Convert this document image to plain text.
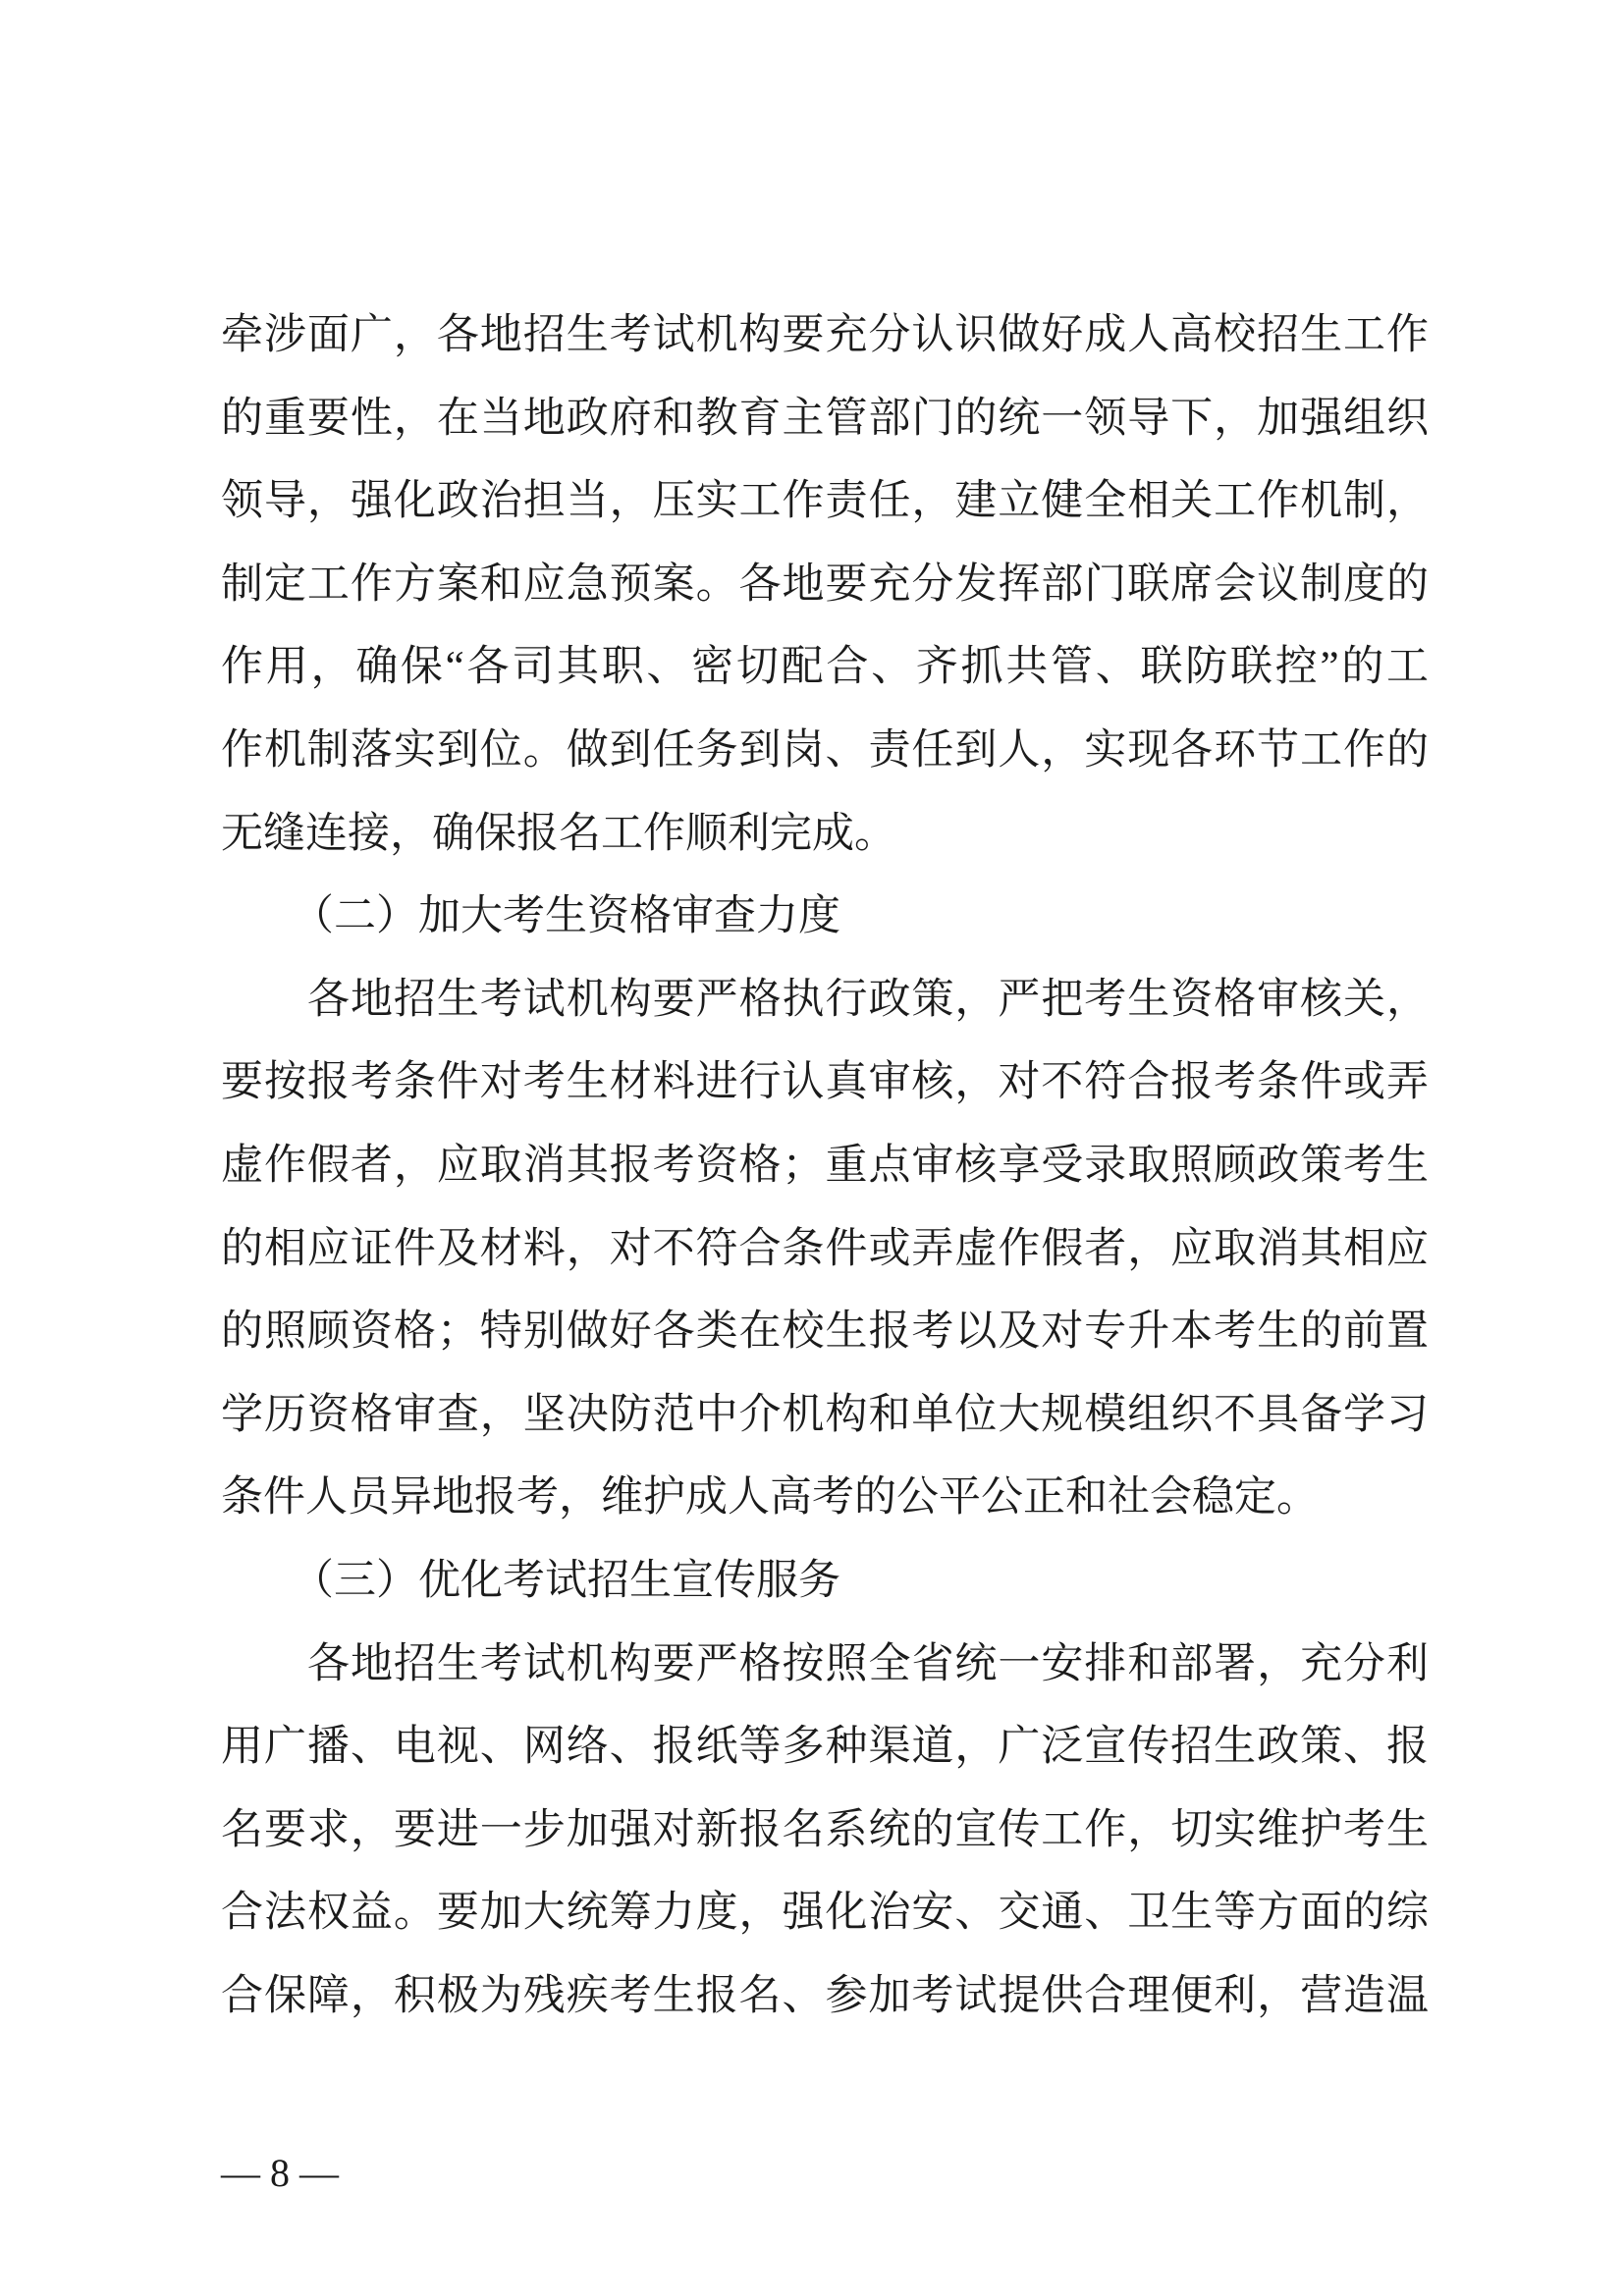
牵涉面广，各地招生考试机构要充分认识做好成人高校招生工作
的重要性，在当地政府和教育主管部门的统一领导下，加强组织
领导，强化政治担当，压实工作责任，建立健全相关工作机制，
制定工作方案和应急预案。各地要充分发挥部门联席会议制度的
作用，确保“各司其职、密切配合、齐抓共管、联防联控”的工
作机制落实到位。做到任务到岗、责任到人，实现各环节工作的
无缝连接，确保报名工作顺利完成。
（二）加大考生资格审查力度
各地招生考试机构要严格执行政策，严把考生资格审核关，
要按报考条件对考生材料进行认真审核，对不符合报考条件或弄
虚作假者，应取消其报考资格；重点审核享受录取照顾政策考生
的相应证件及材料，对不符合条件或弄虚作假者，应取消其相应
的照顾资格；特别做好各类在校生报考以及对专升本考生的前置
学历资格审查，坚决防范中介机构和单位大规模组织不具备学习
条件人员异地报考，维护成人高考的公平公正和社会稳定。
（三）优化考试招生宣传服务
各地招生考试机构要严格按照全省统一安排和部署，充分利
用广播、电视、网络、报纸等多种渠道，广泛宣传招生政策、报
名要求，要进一步加强对新报名系统的宣传工作，切实维护考生
合法权益。要加大统筹力度，强化治安、交通、卫生等方面的综
合保障，积极为残疾考生报名、参加考试提供合理便利，营造温
— 8 —
